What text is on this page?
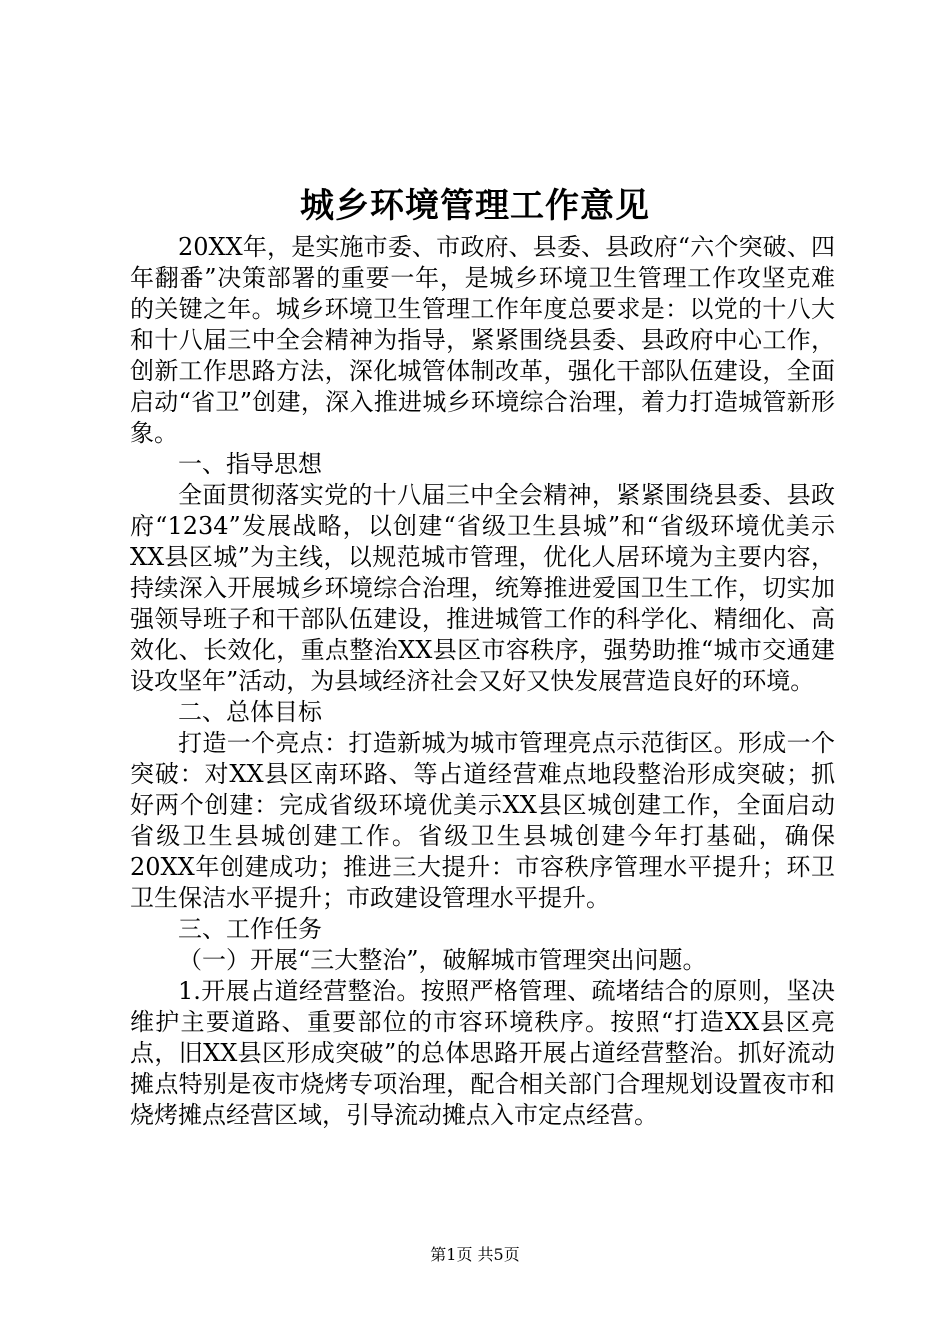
城乡环境管理工作意见

20XX年，是实施市委、市政府、县委、县政府“六个突破、四年翻番”决策部署的重要一年，是城乡环境卫生管理工作攻坚克难的关键之年。城乡环境卫生管理工作年度总要求是：以党的十八大和十八届三中全会精神为指导，紧紧围绕县委、县政府中心工作，创新工作思路方法，深化城管体制改革，强化干部队伍建设，全面启动“省卫”创建，深入推进城乡环境综合治理，着力打造城管新形象。

一、指导思想

全面贯彻落实党的十八届三中全会精神，紧紧围绕县委、县政府“1234”发展战略，以创建“省级卫生县城”和“省级环境优美示XX县区城”为主线，以规范城市管理，优化人居环境为主要内容，持续深入开展城乡环境综合治理，统筹推进爱国卫生工作，切实加强领导班子和干部队伍建设，推进城管工作的科学化、精细化、高效化、长效化，重点整治XX县区市容秩序，强势助推“城市交通建设攻坚年”活动，为县域经济社会又好又快发展营造良好的环境。

二、总体目标

打造一个亮点：打造新城为城市管理亮点示范街区。形成一个突破：对XX县区南环路、等占道经营难点地段整治形成突破；抓好两个创建：完成省级环境优美示XX县区城创建工作，全面启动省级卫生县城创建工作。省级卫生县城创建今年打基础，确保20XX年创建成功；推进三大提升：市容秩序管理水平提升；环卫卫生保洁水平提升；市政建设管理水平提升。

三、工作任务

（一）开展“三大整治”，破解城市管理突出问题。

1.开展占道经营整治。按照严格管理、疏堵结合的原则，坚决维护主要道路、重要部位的市容环境秩序。按照“打造XX县区亮点，旧XX县区形成突破”的总体思路开展占道经营整治。抓好流动摊点特别是夜市烧烤专项治理，配合相关部门合理规划设置夜市和烧烤摊点经营区域，引导流动摊点入市定点经营。

第1页 共5页
